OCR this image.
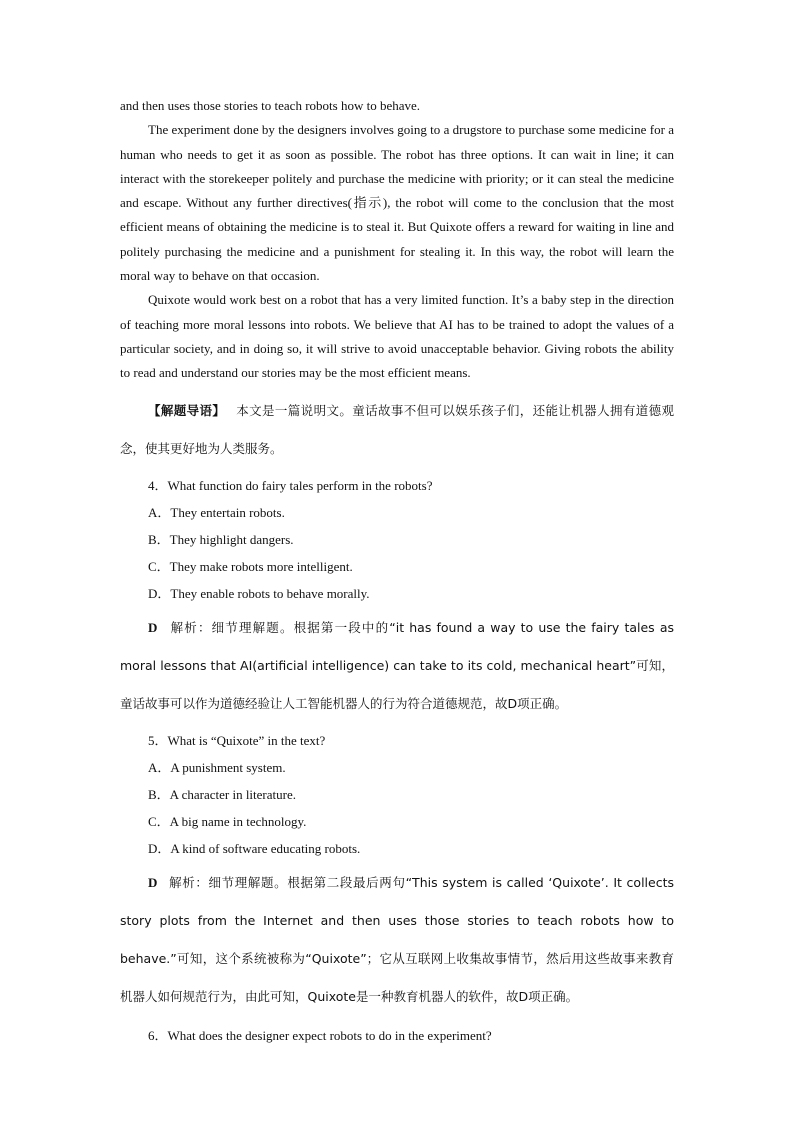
and then uses those stories to teach robots how to behave.

The experiment done by the designers involves going to a drugstore to purchase some medicine for a human who needs to get it as soon as possible. The robot has three options. It can wait in line; it can interact with the storekeeper politely and purchase the medicine with priority; or it can steal the medicine and escape. Without any further directives(指示), the robot will come to the conclusion that the most efficient means of obtaining the medicine is to steal it. But Quixote offers a reward for waiting in line and politely purchasing the medicine and a punishment for stealing it. In this way, the robot will learn the moral way to behave on that occasion.

Quixote would work best on a robot that has a very limited function. It’s a baby step in the direction of teaching more moral lessons into robots. We believe that AI has to be trained to adopt the values of a particular society, and in doing so, it will strive to avoid unacceptable behavior. Giving robots the ability to read and understand our stories may be the most efficient means.

【解题导语】 本文是一篇说明文。童话故事不但可以娱乐孩子们，还能让机器人拥有道德观念，使其更好地为人类服务。

4．What function do fairy tales perform in the robots?

A．They entertain robots.

B．They highlight dangers.

C．They make robots more intelligent.

D．They enable robots to behave morally.

D 解析：细节理解题。根据第一段中的“it has found a way to use the fairy tales as moral lessons that AI(artificial intelligence) can take to its cold, mechanical heart”可知，童话故事可以作为道德经验让人工智能机器人的行为符合道德规范，故D项正确。

5．What is “Quixote” in the text?

A．A punishment system.

B．A character in literature.

C．A big name in technology.

D．A kind of software educating robots.

D 解析：细节理解题。根据第二段最后两句“This system is called ‘Quixote’. It collects story plots from the Internet and then uses those stories to teach robots how to behave.”可知，这个系统被称为“Quixote”；它从互联网上收集故事情节，然后用这些故事来教育机器人如何规范行为，由此可知，Quixote是一种教育机器人的软件，故D项正确。

6．What does the designer expect robots to do in the experiment?
